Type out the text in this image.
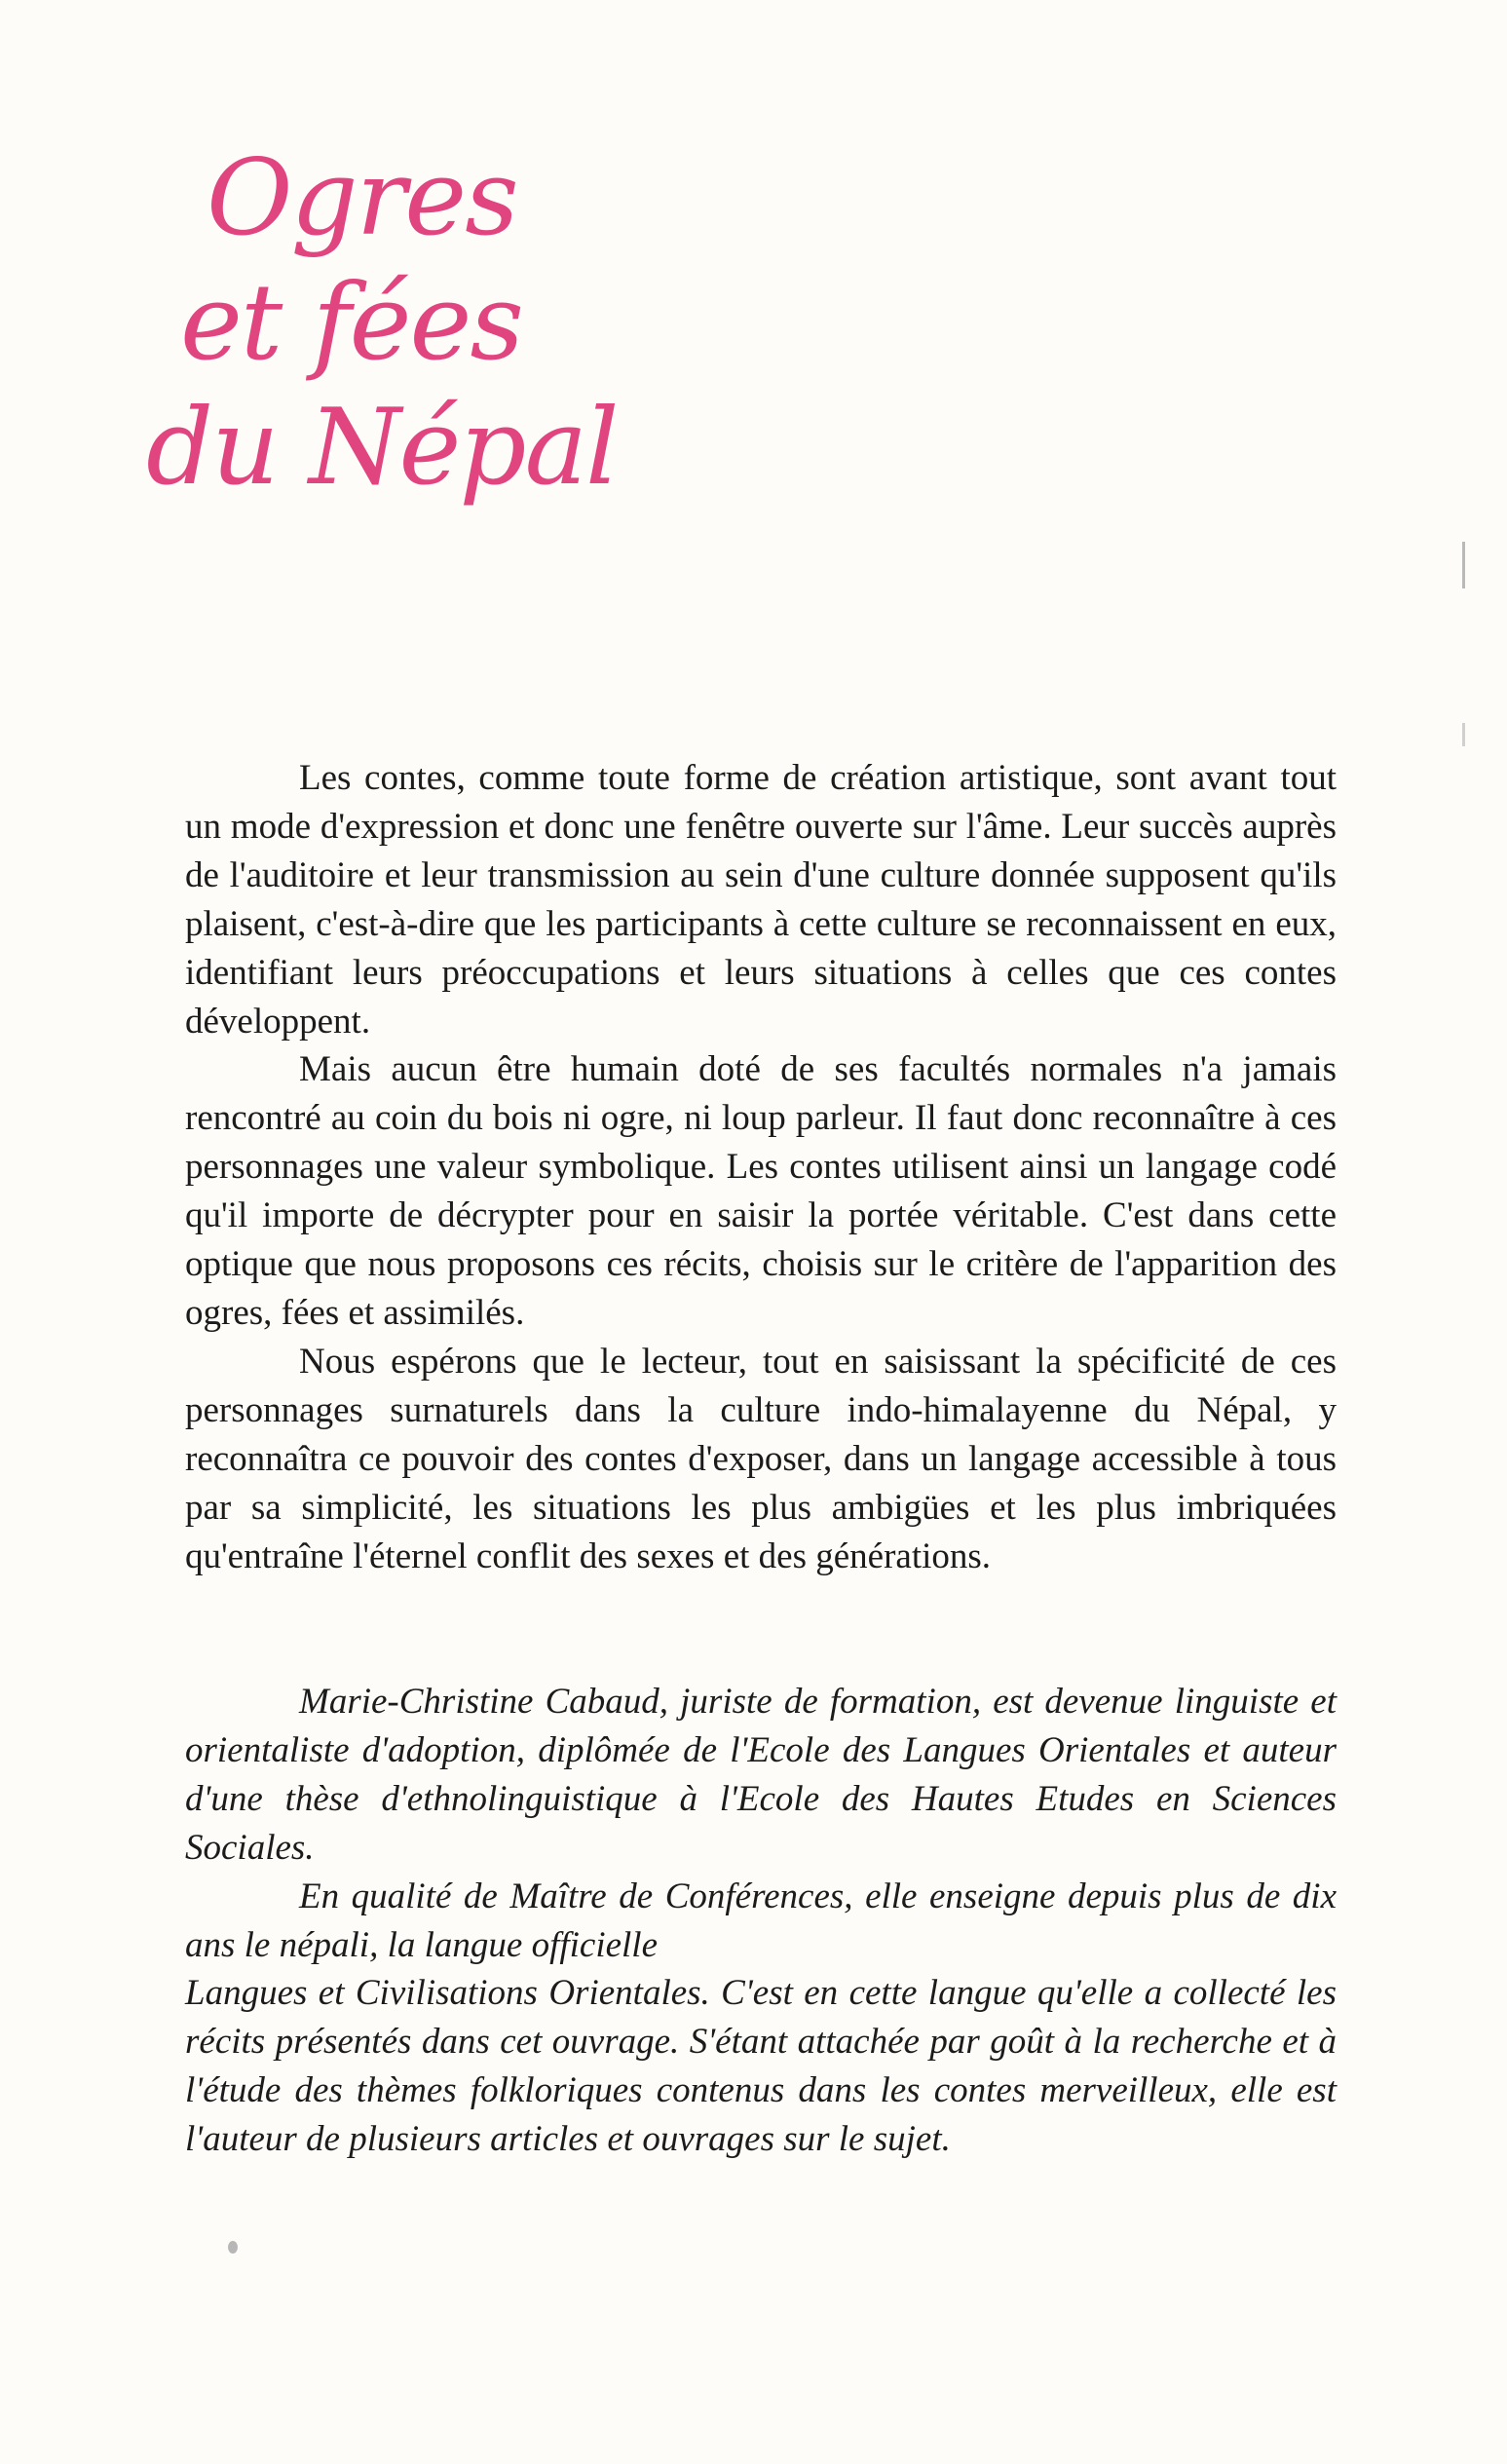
Ogres
et fées
du Népal

Les contes, comme toute forme de création artistique, sont avant tout un mode d'expression et donc une fenêtre ouverte sur l'âme. Leur succès auprès de l'auditoire et leur transmission au sein d'une culture donnée supposent qu'ils plaisent, c'est-à-dire que les participants à cette culture se reconnaissent en eux, identifiant leurs préoccupations et leurs situations à celles que ces contes développent.

Mais aucun être humain doté de ses facultés normales n'a jamais rencontré au coin du bois ni ogre, ni loup parleur. Il faut donc reconnaître à ces personnages une valeur symbolique. Les contes utilisent ainsi un langage codé qu'il importe de décrypter pour en saisir la portée véritable. C'est dans cette optique que nous proposons ces récits, choisis sur le critère de l'apparition des ogres, fées et assimilés.

Nous espérons que le lecteur, tout en saisissant la spécificité de ces personnages surnaturels dans la culture indo-himalayenne du Népal, y reconnaîtra ce pouvoir des contes d'exposer, dans un langage accessible à tous par sa simplicité, les situations les plus ambigües et les plus imbriquées qu'entraîne l'éternel conflit des sexes et des générations.

Marie-Christine Cabaud, juriste de formation, est devenue linguiste et orientaliste d'adoption, diplômée de l'Ecole des Langues Orientales et auteur d'une thèse d'ethnolinguistique à l'Ecole des Hautes Etudes en Sciences Sociales.

En qualité de Maître de Conférences, elle enseigne depuis plus de dix ans le népali, la langue officielle

Langues et Civilisations Orientales. C'est en cette langue qu'elle a collecté les récits présentés dans cet ouvrage. S'étant attachée par goût à la recherche et à l'étude des thèmes folkloriques contenus dans les contes merveilleux, elle est l'auteur de plusieurs articles et ouvrages sur le sujet.
